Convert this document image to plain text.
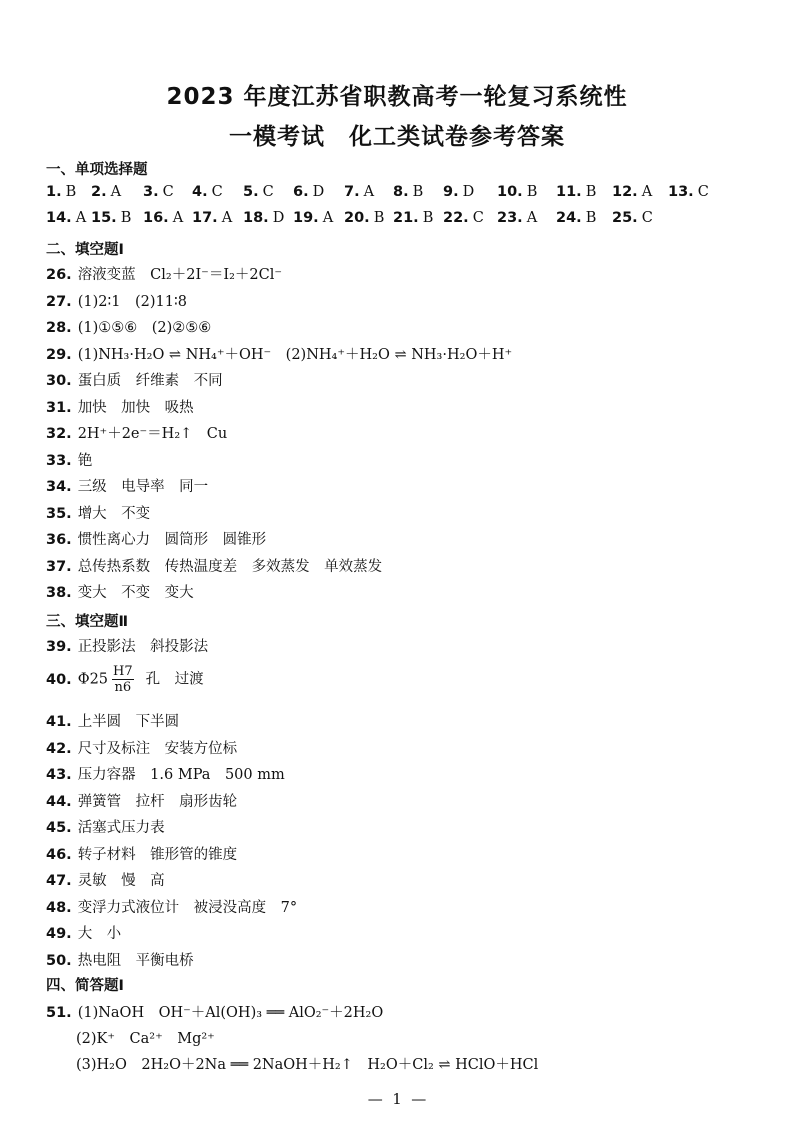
2023 年度江苏省职教高考一轮复习系统性
一模考试　化工类试卷参考答案
一、单项选择题
1. B 2. A 3. C 4. C 5. C 6. D 7. A 8. B 9. D 10. B 11. B 12. A 13. C
14. A 15. B 16. A 17. A 18. D 19. A 20. B 21. B 22. C 23. A 24. B 25. C
二、填空题Ⅰ
26. 溶液变蓝　Cl₂＋2I⁻＝I₂＋2Cl⁻
27. (1)2∶1　(2)11∶8
28. (1)①⑤⑥　(2)②⑤⑥
29. (1)NH₃·H₂O ⇌ NH₄⁺＋OH⁻　(2)NH₄⁺＋H₂O ⇌ NH₃·H₂O＋H⁺
30. 蛋白质　纤维素　不同
31. 加快　加快　吸热
32. 2H⁺＋2e⁻＝H₂↑　Cu
33. 铯
34. 三级　电导率　同一
35. 增大　不变
36. 惯性离心力　圆筒形　圆锥形
37. 总传热系数　传热温度差　多效蒸发　单效蒸发
38. 变大　不变　变大
三、填空题Ⅱ
39. 正投影法　斜投影法
40. $\Phi 25 \frac{H7}{n6}$ 孔　过渡
41. 上半圆　下半圆
42. 尺寸及标注　安装方位标
43. 压力容器　1.6 MPa　500 mm
44. 弹簧管　拉杆　扇形齿轮
45. 活塞式压力表
46. 转子材料　锥形管的锥度
47. 灵敏　慢　高
48. 变浮力式液位计　被浸没高度　7°
49. 大　小
50. 热电阻　平衡电桥
四、简答题Ⅰ
51. (1)NaOH　OH⁻＋Al(OH)₃ ══ AlO₂⁻＋2H₂O
(2)K⁺　Ca²⁺　Mg²⁺
(3)H₂O　2H₂O＋2Na ══ 2NaOH＋H₂↑　H₂O＋Cl₂ ⇌ HClO＋HCl
—  1  —
